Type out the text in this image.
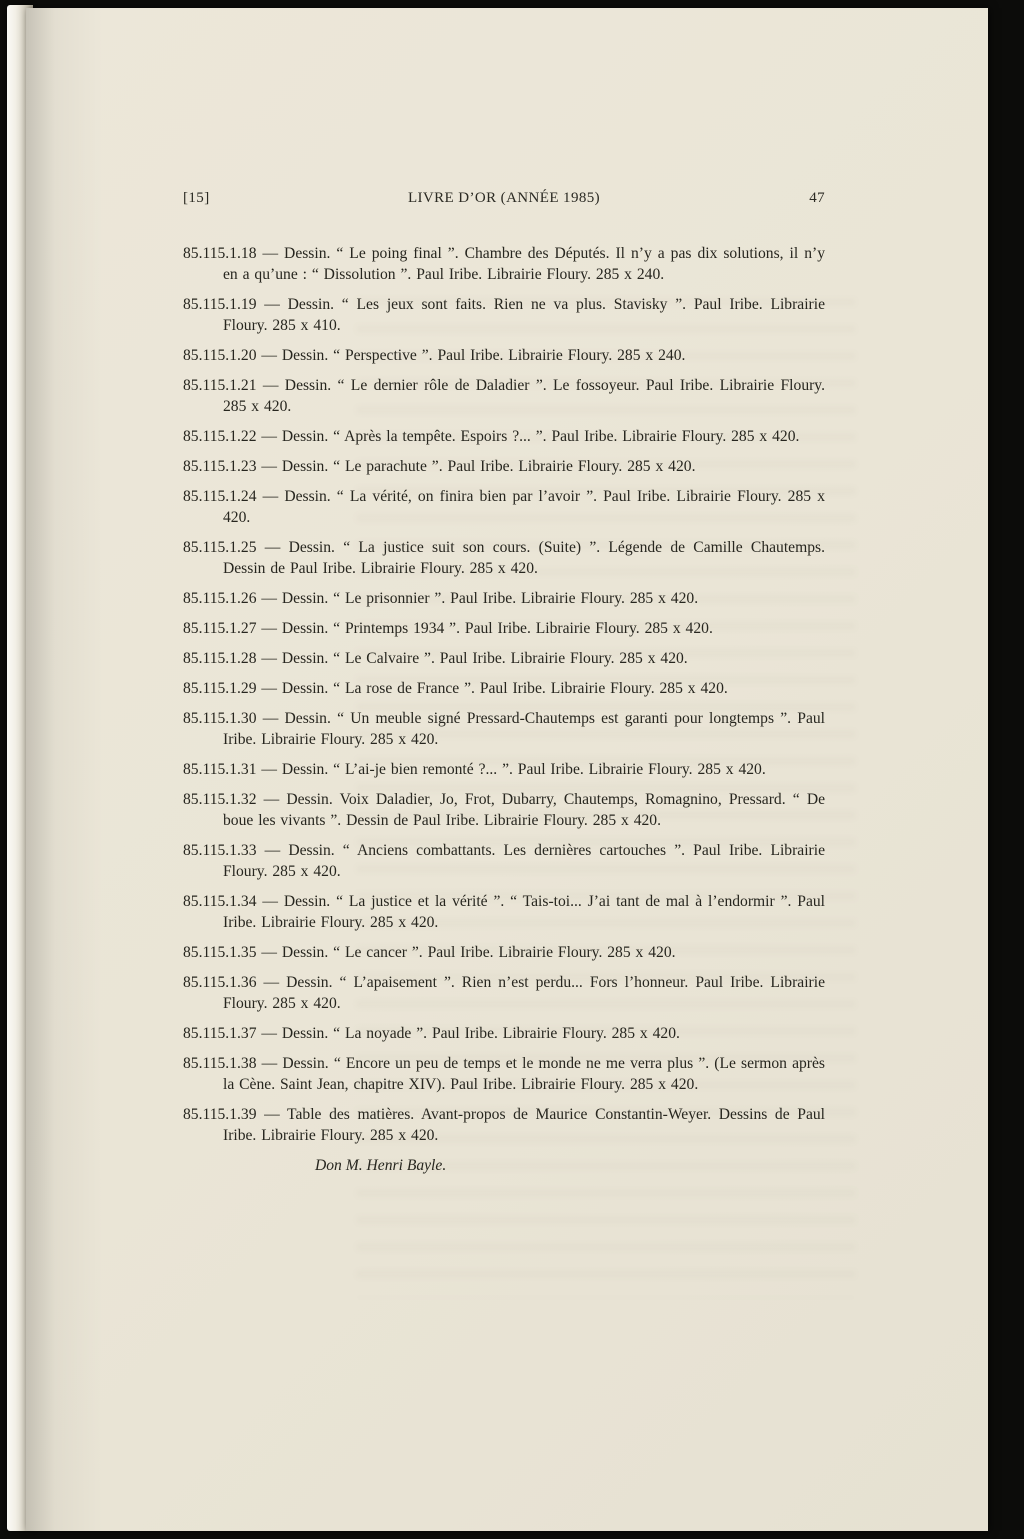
[15]	LIVRE D’OR (ANNÉE 1985)	47

85.115.1.18 — Dessin. “ Le poing final ”. Chambre des Députés. Il n’y a pas dix solutions, il n’y en a qu’une : “ Dissolution ”. Paul Iribe. Librairie Floury. 285 x 240.

85.115.1.19 — Dessin. “ Les jeux sont faits. Rien ne va plus. Stavisky ”. Paul Iribe. Librairie Floury. 285 x 410.

85.115.1.20 — Dessin. “ Perspective ”. Paul Iribe. Librairie Floury. 285 x 240.

85.115.1.21 — Dessin. “ Le dernier rôle de Daladier ”. Le fossoyeur. Paul Iribe. Librairie Floury. 285 x 420.

85.115.1.22 — Dessin. “ Après la tempête. Espoirs ?... ”. Paul Iribe. Librairie Floury. 285 x 420.

85.115.1.23 — Dessin. “ Le parachute ”. Paul Iribe. Librairie Floury. 285 x 420.

85.115.1.24 — Dessin. “ La vérité, on finira bien par l’avoir ”. Paul Iribe. Librairie Floury. 285 x 420.

85.115.1.25 — Dessin. “ La justice suit son cours. (Suite) ”. Légende de Camille Chautemps. Dessin de Paul Iribe. Librairie Floury. 285 x 420.

85.115.1.26 — Dessin. “ Le prisonnier ”. Paul Iribe. Librairie Floury. 285 x 420.

85.115.1.27 — Dessin. “ Printemps 1934 ”. Paul Iribe. Librairie Floury. 285 x 420.

85.115.1.28 — Dessin. “ Le Calvaire ”. Paul Iribe. Librairie Floury. 285 x 420.

85.115.1.29 — Dessin. “ La rose de France ”. Paul Iribe. Librairie Floury. 285 x 420.

85.115.1.30 — Dessin. “ Un meuble signé Pressard-Chautemps est garanti pour longtemps ”. Paul Iribe. Librairie Floury. 285 x 420.

85.115.1.31 — Dessin. “ L’ai-je bien remonté ?... ”. Paul Iribe. Librairie Floury. 285 x 420.

85.115.1.32 — Dessin. Voix Daladier, Jo, Frot, Dubarry, Chautemps, Romagnino, Pressard. “ De boue les vivants ”. Dessin de Paul Iribe. Librairie Floury. 285 x 420.

85.115.1.33 — Dessin. “ Anciens combattants. Les dernières cartouches ”. Paul Iribe. Librairie Floury. 285 x 420.

85.115.1.34 — Dessin. “ La justice et la vérité ”. “ Tais-toi... J’ai tant de mal à l’endormir ”. Paul Iribe. Librairie Floury. 285 x 420.

85.115.1.35 — Dessin. “ Le cancer ”. Paul Iribe. Librairie Floury. 285 x 420.

85.115.1.36 — Dessin. “ L’apaisement ”. Rien n’est perdu... Fors l’honneur. Paul Iribe. Librairie Floury. 285 x 420.

85.115.1.37 — Dessin. “ La noyade ”. Paul Iribe. Librairie Floury. 285 x 420.

85.115.1.38 — Dessin. “ Encore un peu de temps et le monde ne me verra plus ”. (Le sermon après la Cène. Saint Jean, chapitre XIV). Paul Iribe. Librairie Floury. 285 x 420.

85.115.1.39 — Table des matières. Avant-propos de Maurice Constantin-Weyer. Dessins de Paul Iribe. Librairie Floury. 285 x 420.

Don M. Henri Bayle.
